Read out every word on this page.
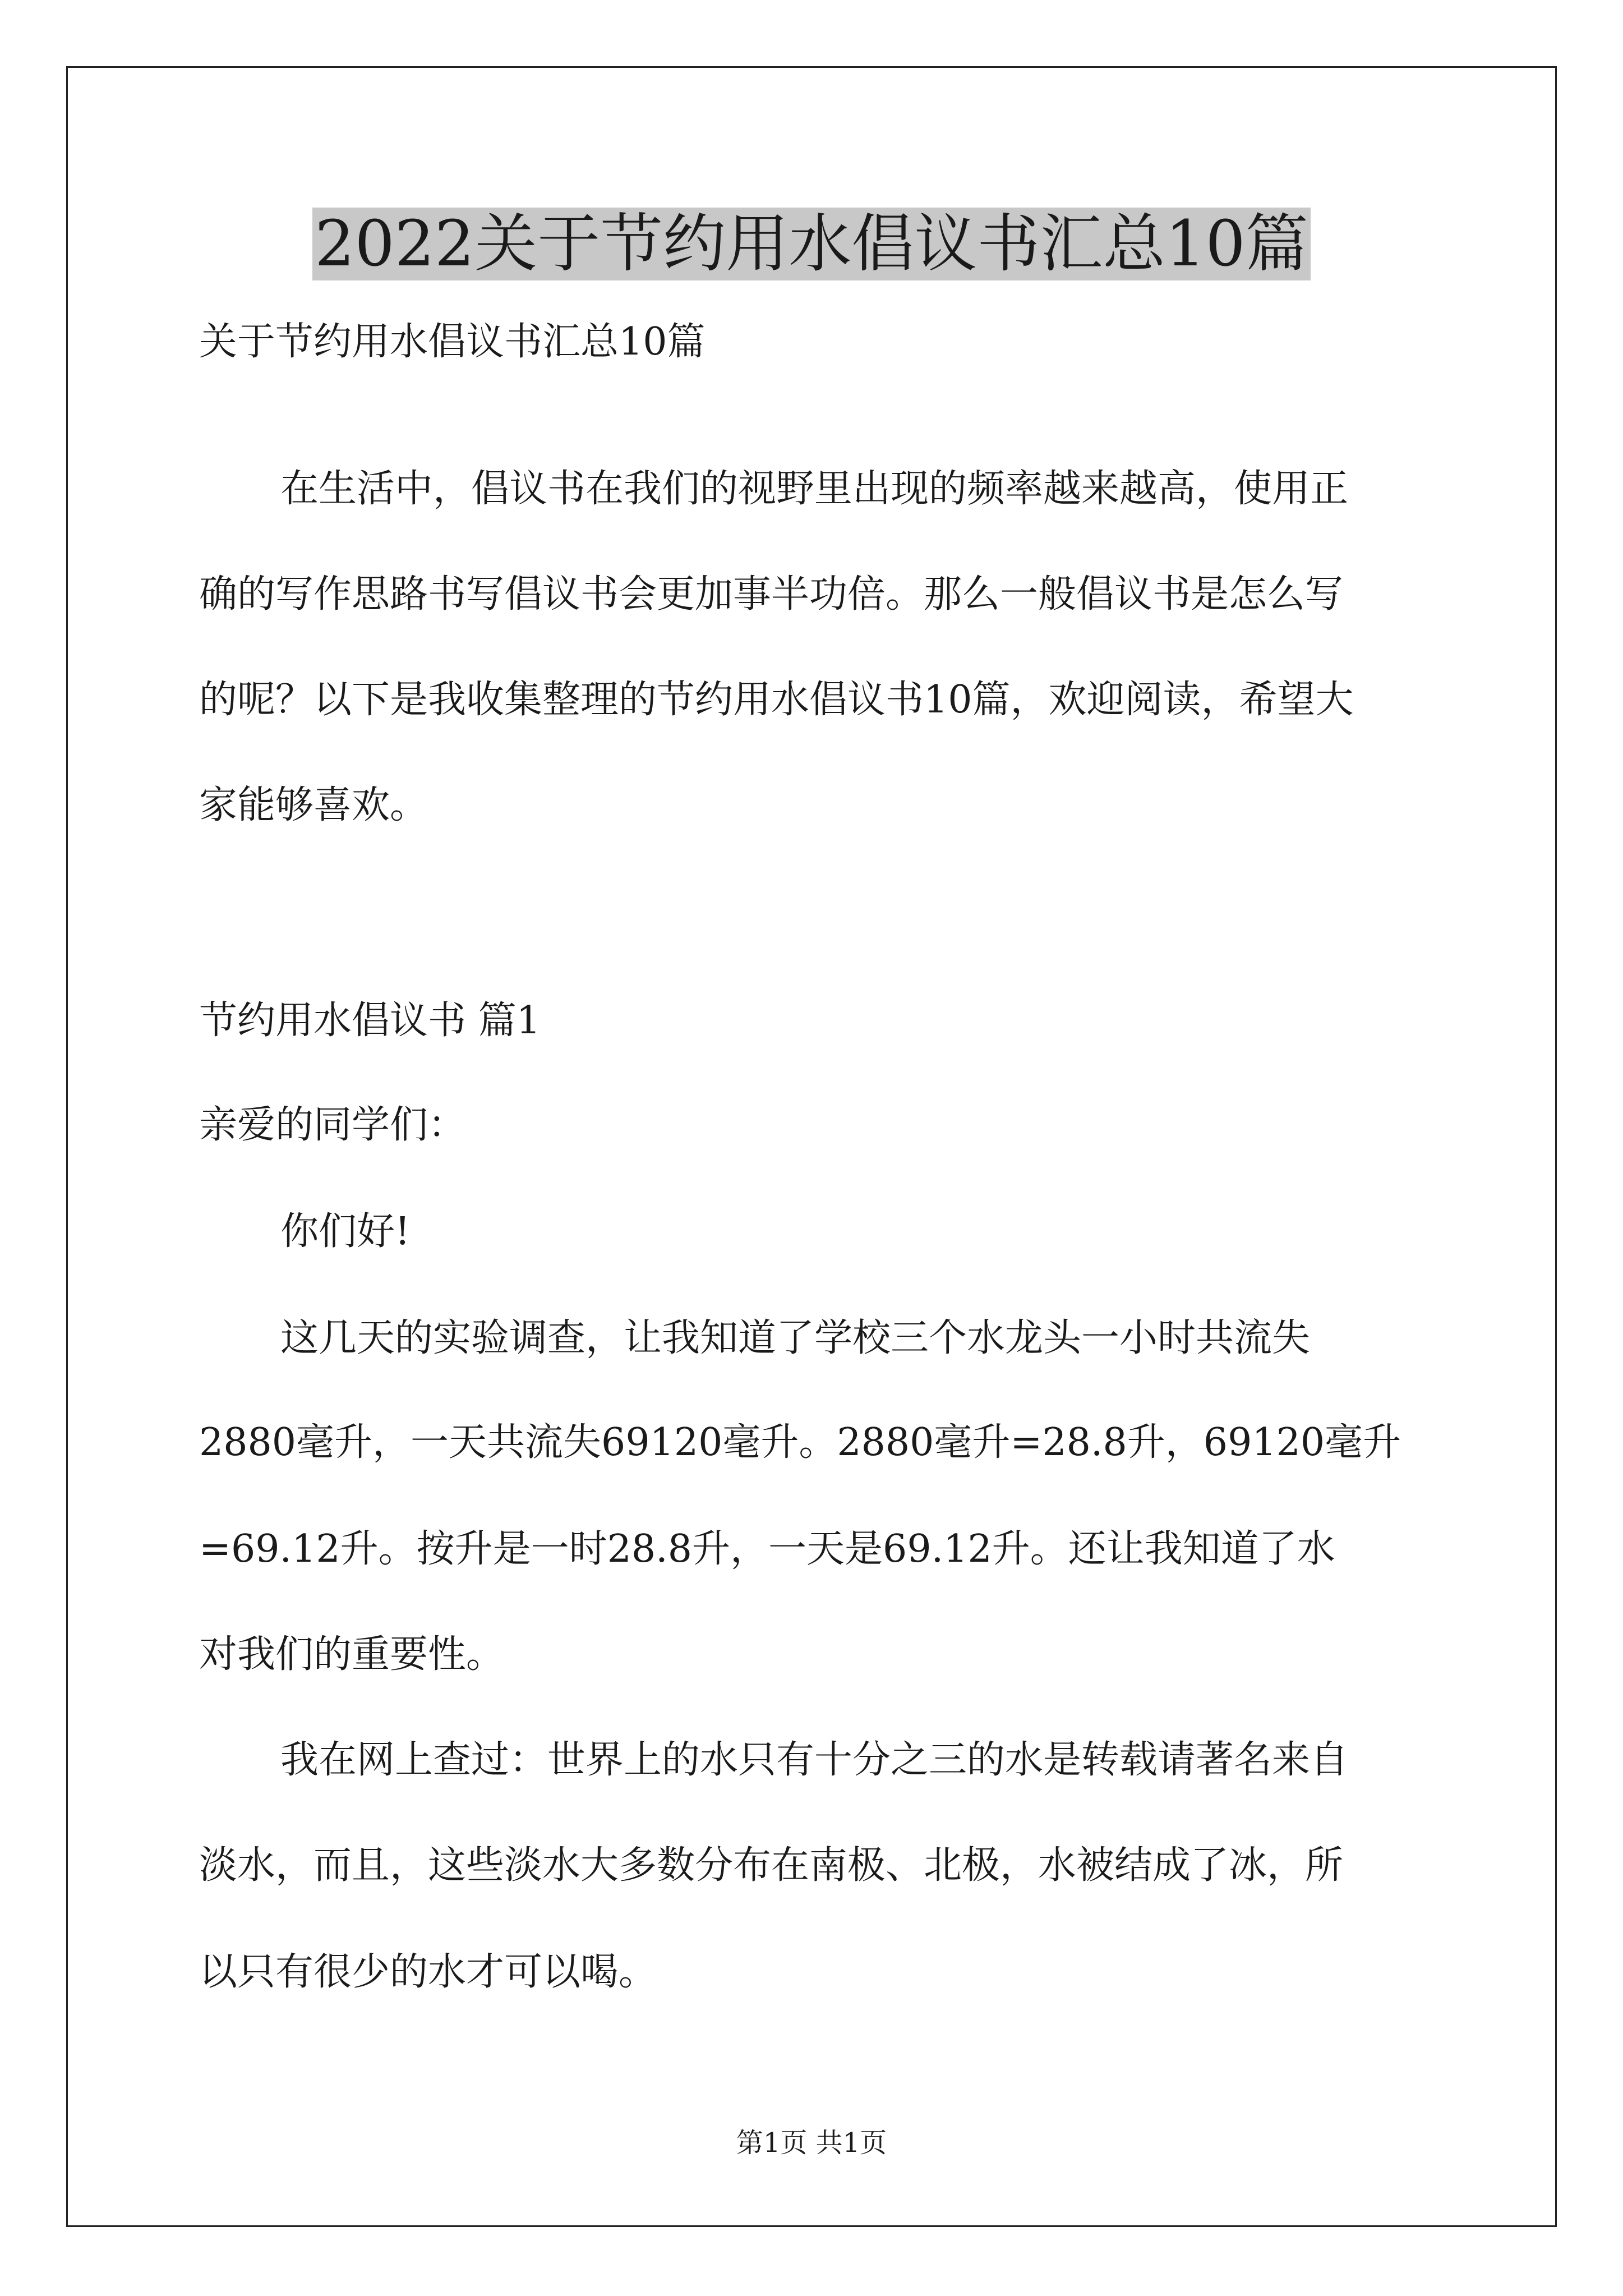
2022关于节约用水倡议书汇总10篇

关于节约用水倡议书汇总10篇

在生活中，倡议书在我们的视野里出现的频率越来越高，使用正

确的写作思路书写倡议书会更加事半功倍。那么一般倡议书是怎么写

的呢？以下是我收集整理的节约用水倡议书10篇，欢迎阅读，希望大

家能够喜欢。

节约用水倡议书 篇1

亲爱的同学们：

你们好!

这几天的实验调查，让我知道了学校三个水龙头一小时共流失

2880毫升，一天共流失69120毫升。2880毫升=28.8升，69120毫升

=69.12升。按升是一时28.8升，一天是69.12升。还让我知道了水

对我们的重要性。

我在网上查过：世界上的水只有十分之三的水是转载请著名来自

淡水，而且，这些淡水大多数分布在南极、北极，水被结成了冰，所

以只有很少的水才可以喝。

第1页 共1页
